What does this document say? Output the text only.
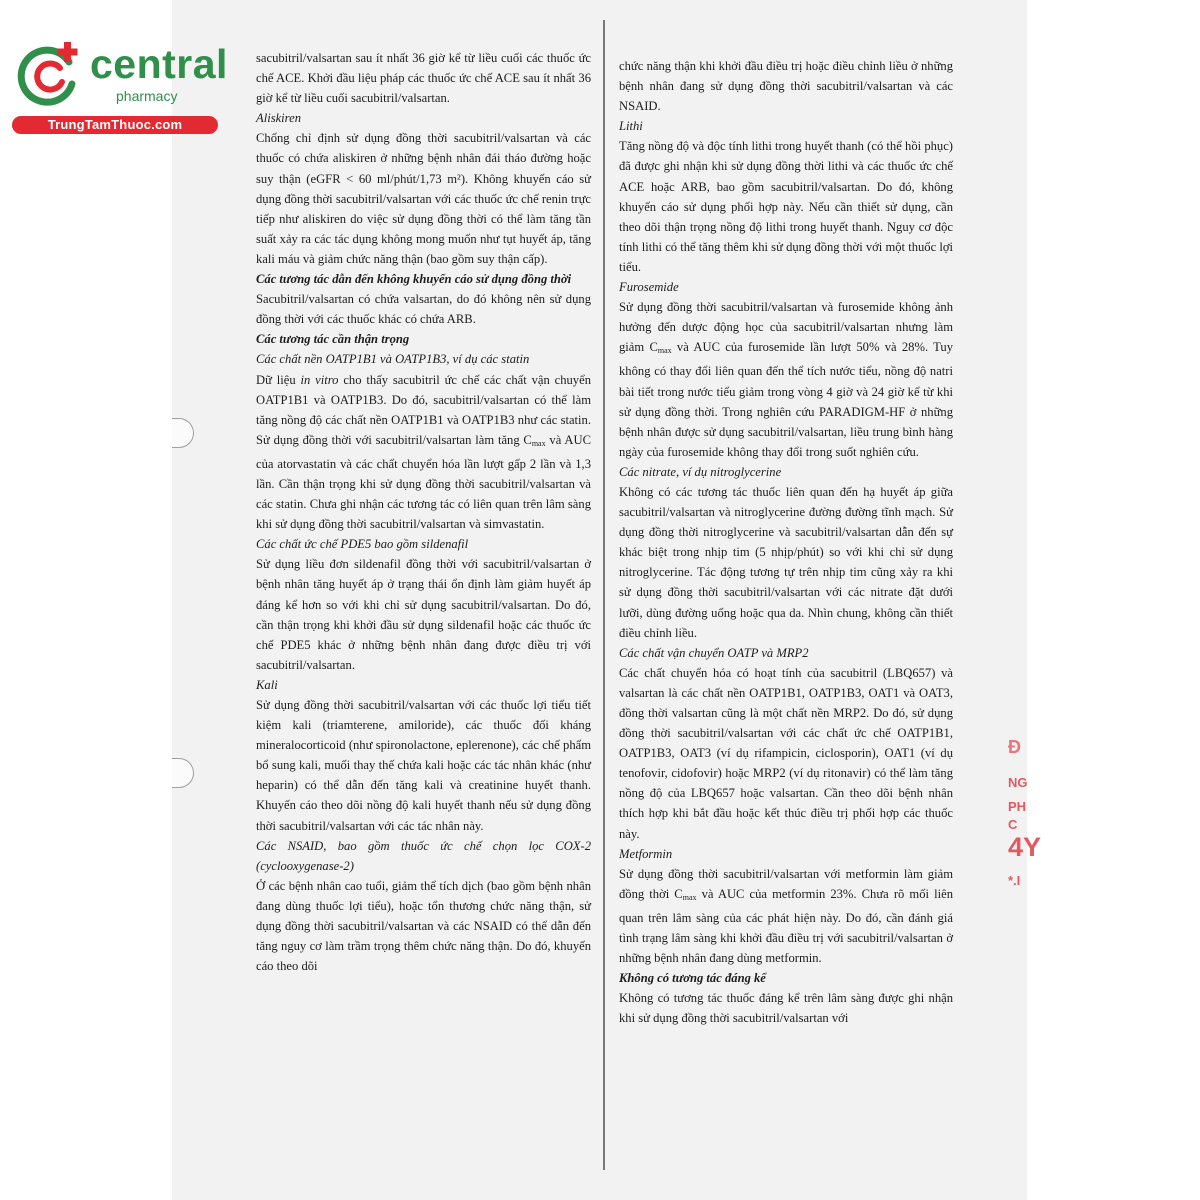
central
pharmacy
TrungTamThuoc.com
Đ
NG
PH
C
4Y
*.I

sacubitril/valsartan sau ít nhất 36 giờ kể từ liều cuối các thuốc ức chế ACE. Khởi đầu liệu pháp các thuốc ức chế ACE sau ít nhất 36 giờ kể từ liều cuối sacubitril/valsartan.

Aliskiren

Chống chỉ định sử dụng đồng thời sacubitril/valsartan và các thuốc có chứa aliskiren ở những bệnh nhân đái tháo đường hoặc suy thận (eGFR < 60 ml/phút/1,73 m²). Không khuyến cáo sử dụng đồng thời sacubitril/valsartan với các thuốc ức chế renin trực tiếp như aliskiren do việc sử dụng đồng thời có thể làm tăng tần suất xảy ra các tác dụng không mong muốn như tụt huyết áp, tăng kali máu và giảm chức năng thận (bao gồm suy thận cấp).

Các tương tác dẫn đến không khuyến cáo sử dụng đồng thời

Sacubitril/valsartan có chứa valsartan, do đó không nên sử dụng đồng thời với các thuốc khác có chứa ARB.

Các tương tác cần thận trọng

Các chất nền OATP1B1 và OATP1B3, ví dụ các statin

Dữ liệu in vitro cho thấy sacubitril ức chế các chất vận chuyển OATP1B1 và OATP1B3. Do đó, sacubitril/valsartan có thể làm tăng nồng độ các chất nền OATP1B1 và OATP1B3 như các statin. Sử dụng đồng thời với sacubitril/valsartan làm tăng $C_{max}$ và AUC của atorvastatin và các chất chuyển hóa lần lượt gấp 2 lần và 1,3 lần. Cần thận trọng khi sử dụng đồng thời sacubitril/valsartan và các statin. Chưa ghi nhận các tương tác có liên quan trên lâm sàng khi sử dụng đồng thời sacubitril/valsartan và simvastatin.

Các chất ức chế PDE5 bao gồm sildenafil

Sử dụng liều đơn sildenafil đồng thời với sacubitril/valsartan ở bệnh nhân tăng huyết áp ở trạng thái ổn định làm giảm huyết áp đáng kể hơn so với khi chỉ sử dụng sacubitril/valsartan. Do đó, cần thận trọng khi khởi đầu sử dụng sildenafil hoặc các thuốc ức chế PDE5 khác ở những bệnh nhân đang được điều trị với sacubitril/valsartan.

Kali

Sử dụng đồng thời sacubitril/valsartan với các thuốc lợi tiểu tiết kiệm kali (triamterene, amiloride), các thuốc đối kháng mineralocorticoid (như spironolactone, eplerenone), các chế phẩm bổ sung kali, muối thay thế chứa kali hoặc các tác nhân khác (như heparin) có thể dẫn đến tăng kali và creatinine huyết thanh. Khuyến cáo theo dõi nồng độ kali huyết thanh nếu sử dụng đồng thời sacubitril/valsartan với các tác nhân này.

Các NSAID, bao gồm thuốc ức chế chọn lọc COX-2 (cyclooxygenase-2)

Ở các bệnh nhân cao tuổi, giảm thể tích dịch (bao gồm bệnh nhân đang dùng thuốc lợi tiểu), hoặc tổn thương chức năng thận, sử dụng đồng thời sacubitril/valsartan và các NSAID có thể dẫn đến tăng nguy cơ làm trầm trọng thêm chức năng thận. Do đó, khuyến cáo theo dõi

chức năng thận khi khởi đầu điều trị hoặc điều chỉnh liều ở những bệnh nhân đang sử dụng đồng thời sacubitril/valsartan và các NSAID.

Lithi

Tăng nồng độ và độc tính lithi trong huyết thanh (có thể hồi phục) đã được ghi nhận khi sử dụng đồng thời lithi và các thuốc ức chế ACE hoặc ARB, bao gồm sacubitril/valsartan. Do đó, không khuyến cáo sử dụng phối hợp này. Nếu cần thiết sử dụng, cần theo dõi thận trọng nồng độ lithi trong huyết thanh. Nguy cơ độc tính lithi có thể tăng thêm khi sử dụng đồng thời với một thuốc lợi tiểu.

Furosemide

Sử dụng đồng thời sacubitril/valsartan và furosemide không ảnh hưởng đến dược động học của sacubitril/valsartan nhưng làm giảm $C_{max}$ và AUC của furosemide lần lượt 50% và 28%. Tuy không có thay đổi liên quan đến thể tích nước tiểu, nồng độ natri bài tiết trong nước tiểu giảm trong vòng 4 giờ và 24 giờ kể từ khi sử dụng đồng thời. Trong nghiên cứu PARADIGM-HF ở những bệnh nhân được sử dụng sacubitril/valsartan, liều trung bình hàng ngày của furosemide không thay đổi trong suốt nghiên cứu.

Các nitrate, ví dụ nitroglycerine

Không có các tương tác thuốc liên quan đến hạ huyết áp giữa sacubitril/valsartan và nitroglycerine đường đường tĩnh mạch. Sử dụng đồng thời nitroglycerine và sacubitril/valsartan dẫn đến sự khác biệt trong nhịp tim (5 nhịp/phút) so với khi chỉ sử dụng nitroglycerine. Tác động tương tự trên nhịp tim cũng xảy ra khi sử dụng đồng thời sacubitril/valsartan với các nitrate đặt dưới lưỡi, dùng đường uống hoặc qua da. Nhìn chung, không cần thiết điều chỉnh liều.

Các chất vận chuyển OATP và MRP2

Các chất chuyển hóa có hoạt tính của sacubitril (LBQ657) và valsartan là các chất nền OATP1B1, OATP1B3, OAT1 và OAT3, đồng thời valsartan cũng là một chất nền MRP2. Do đó, sử dụng đồng thời sacubitril/valsartan với các chất ức chế OATP1B1, OATP1B3, OAT3 (ví dụ rifampicin, ciclosporin), OAT1 (ví dụ tenofovir, cidofovir) hoặc MRP2 (ví dụ ritonavir) có thể làm tăng nồng độ của LBQ657 hoặc valsartan. Cần theo dõi bệnh nhân thích hợp khi bắt đầu hoặc kết thúc điều trị phối hợp các thuốc này.

Metformin

Sử dụng đồng thời sacubitril/valsartan với metformin làm giảm đồng thời $C_{max}$ và AUC của metformin 23%. Chưa rõ mối liên quan trên lâm sàng của các phát hiện này. Do đó, cần đánh giá tình trạng lâm sàng khi khởi đầu điều trị với sacubitril/valsartan ở những bệnh nhân đang dùng metformin.

Không có tương tác đáng kể

Không có tương tác thuốc đáng kể trên lâm sàng được ghi nhận khi sử dụng đồng thời sacubitril/valsartan với
